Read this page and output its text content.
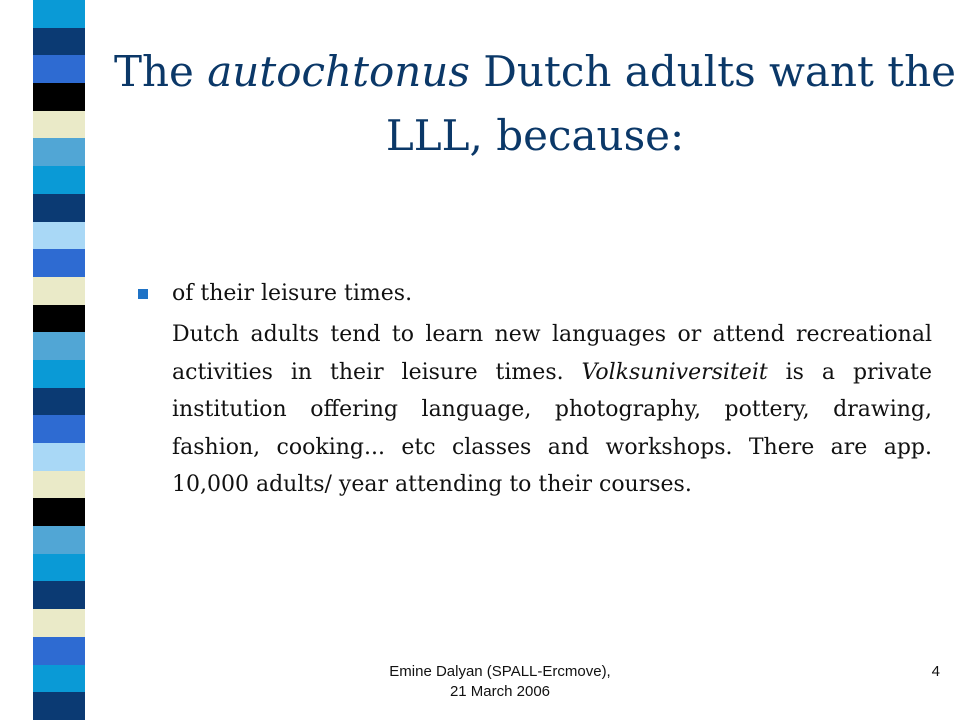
The autochtonus Dutch adults want the LLL, because:
of their leisure times.
Dutch adults tend to learn new languages or attend recreational activities in their leisure times. Volksuniversiteit is a private institution offering language, photography, pottery, drawing, fashion, cooking... etc classes and workshops. There are app. 10,000 adults/ year attending to their courses.
Emine Dalyan (SPALL-Ercmove),
21 March 2006
4
